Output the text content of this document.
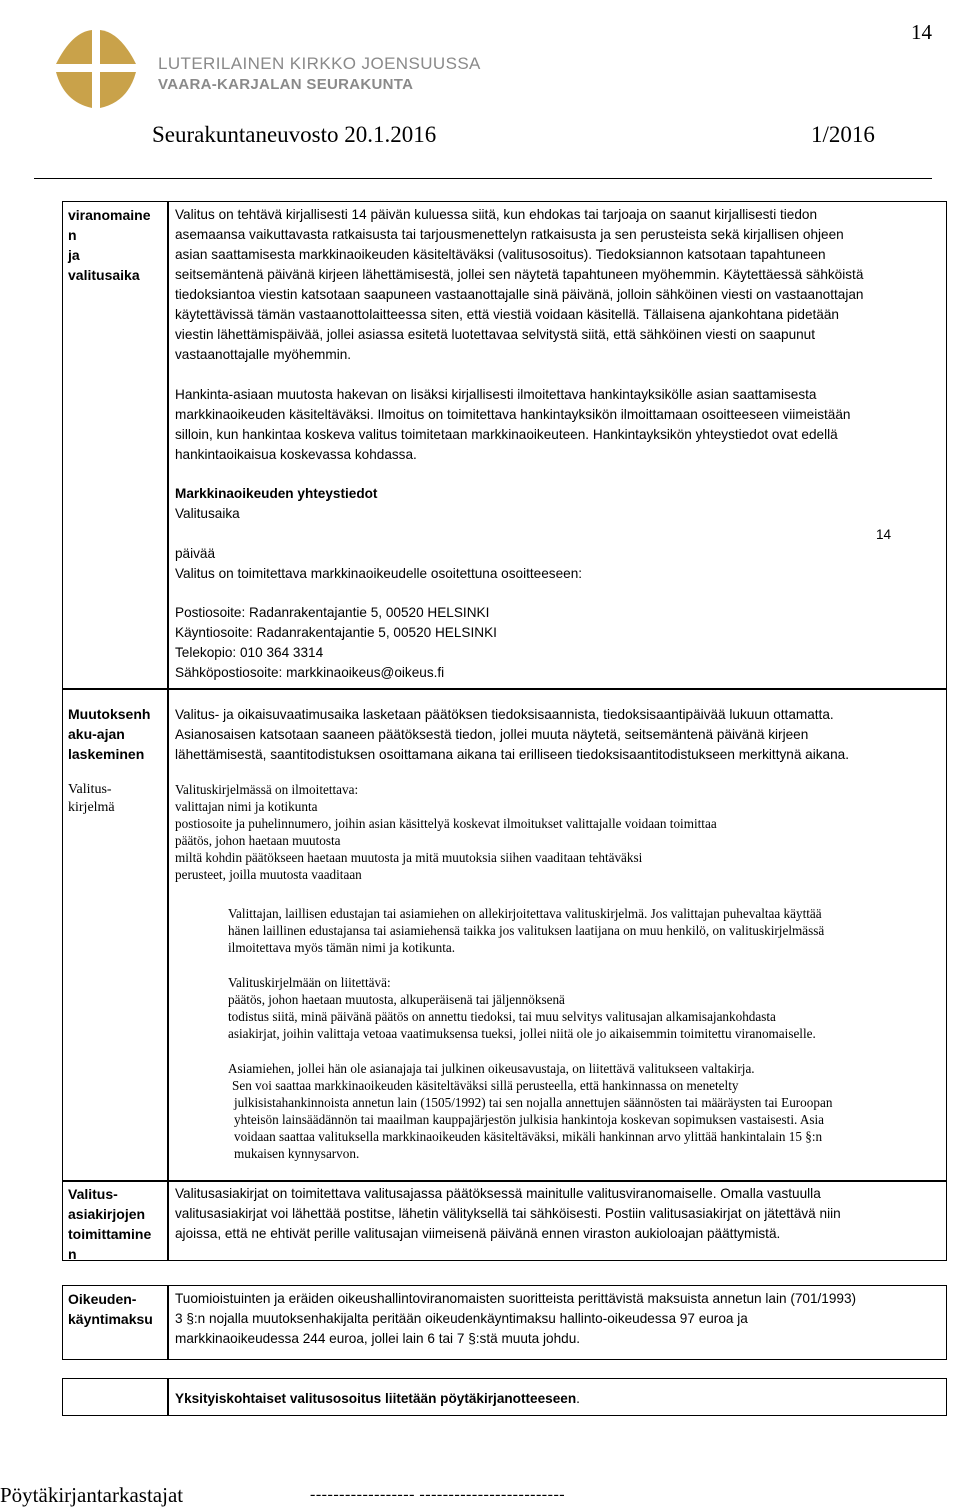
14
LUTERILAINEN KIRKKO JOENSUUSSA
VAARA-KARJALAN SEURAKUNTA
Seurakuntaneuvosto 20.1.2016	1/2016
viranomaine
n
ja
valitusaika
Valitus on tehtävä kirjallisesti 14 päivän kuluessa siitä, kun ehdokas tai tarjoaja on saanut kirjallisesti tiedon
asemaansa vaikuttavasta ratkaisusta tai tarjousmenettelyn ratkaisusta ja sen perusteista sekä kirjallisen ohjeen
asian saattamisesta markkinaoikeuden käsiteltäväksi (valitusosoitus). Tiedoksiannon katsotaan tapahtuneen
seitsemäntenä päivänä kirjeen lähettämisestä, jollei sen näytetä tapahtuneen myöhemmin. Käytettäessä sähköistä
tiedoksiantoa viestin katsotaan saapuneen vastaanottajalle sinä päivänä, jolloin sähköinen viesti on vastaanottajan
käytettävissä tämän vastaanottolaitteessa siten, että viestiä voidaan käsitellä. Tällaisena ajankohtana pidetään
viestin lähettämispäivää, jollei asiassa esitetä luotettavaa selvitystä siitä, että sähköinen viesti on saapunut
vastaanottajalle myöhemmin.
Hankinta-asiaan muutosta hakevan on lisäksi kirjallisesti ilmoitettava hankintayksikölle asian saattamisesta
markkinaoikeuden käsiteltäväksi. Ilmoitus on toimitettava hankintayksikön ilmoittamaan osoitteeseen viimeistään
silloin, kun hankintaa koskeva valitus toimitetaan markkinaoikeuteen. Hankintayksikön yhteystiedot ovat edellä
hankintaoikaisua koskevassa kohdassa.
Markkinaoikeuden yhteystiedot
Valitusaika
14
päivää
Valitus on toimitettava markkinaoikeudelle osoitettuna osoitteeseen:
Postiosoite: Radanrakentajantie 5, 00520 HELSINKI
Käyntiosoite: Radanrakentajantie 5, 00520 HELSINKI
Telekopio: 010 364 3314
Sähköpostiosoite: markkinaoikeus@oikeus.fi
Muutoksenh
aku-ajan
laskeminen
Valitus-
kirjelmä
Valitus- ja oikaisuvaatimusaika lasketaan päätöksen tiedoksisaannista, tiedoksisaantipäivää lukuun ottamatta.
Asianosaisen katsotaan saaneen päätöksestä tiedon, jollei muuta näytetä, seitsemäntenä päivänä kirjeen
lähettämisestä, saantitodistuksen osoittamana aikana tai erilliseen tiedoksisaantitodistukseen merkittynä aikana.
Valituskirjelmässä on ilmoitettava:
valittajan nimi ja kotikunta
postiosoite ja puhelinnumero, joihin asian käsittelyä koskevat ilmoitukset valittajalle voidaan toimittaa
päätös, johon haetaan muutosta
miltä kohdin päätökseen haetaan muutosta ja mitä muutoksia siihen vaaditaan tehtäväksi
perusteet, joilla muutosta vaaditaan
Valittajan, laillisen edustajan tai asiamiehen on allekirjoitettava valituskirjelmä. Jos valittajan puhevaltaa käyttää
hänen laillinen edustajansa tai asiamiehensä taikka jos valituksen laatijana on muu henkilö, on valituskirjelmässä
ilmoitettava myös tämän nimi ja kotikunta.
Valituskirjelmään on liitettävä:
päätös, johon haetaan muutosta, alkuperäisenä tai jäljennöksenä
todistus siitä, minä päivänä päätös on annettu tiedoksi, tai muu selvitys valitusajan alkamisajankohdasta
asiakirjat, joihin valittaja vetoaa vaatimuksensa tueksi, jollei niitä ole jo aikaisemmin toimitettu viranomaiselle.
Asiamiehen, jollei hän ole asianajaja tai julkinen oikeusavustaja, on liitettävä valitukseen valtakirja.
Sen voi saattaa markkinaoikeuden käsiteltäväksi sillä perusteella, että hankinnassa on menetelty
julkisistahankinnoista annetun lain (1505/1992) tai sen nojalla annettujen säännösten tai määräysten tai Euroopan
yhteisön lainsäädännön tai maailman kauppajärjestön julkisia hankintoja koskevan sopimuksen vastaisesti. Asia
voidaan saattaa valituksella markkinaoikeuden käsiteltäväksi, mikäli hankinnan arvo ylittää hankintalain 15 §:n
mukaisen kynnysarvon.
Valitus-
asiakirjojen
toimittamine
n
Valitusasiakirjat on toimitettava valitusajassa päätöksessä mainitulle valitusviranomaiselle. Omalla vastuulla
valitusasiakirjat voi lähettää postitse, lähetin välityksellä tai sähköisesti. Postiin valitusasiakirjat on jätettävä niin
ajoissa, että ne ehtivät perille valitusajan viimeisenä päivänä ennen viraston aukioloajan päättymistä.
Oikeuden-
käyntimaksu
Tuomioistuinten ja eräiden oikeushallintoviranomaisten suoritteista perittävistä maksuista annetun lain (701/1993)
3 §:n nojalla muutoksenhakijalta peritään oikeudenkäyntimaksu hallinto-oikeudessa 97 euroa ja
markkinaoikeudessa 244 euroa, jollei lain 6 tai 7 §:stä muuta johdu.
Yksityiskohtaiset valitusosoitus liitetään pöytäkirjanotteeseen.
Pöytäkirjantarkastajat	------------------ -------------------------
